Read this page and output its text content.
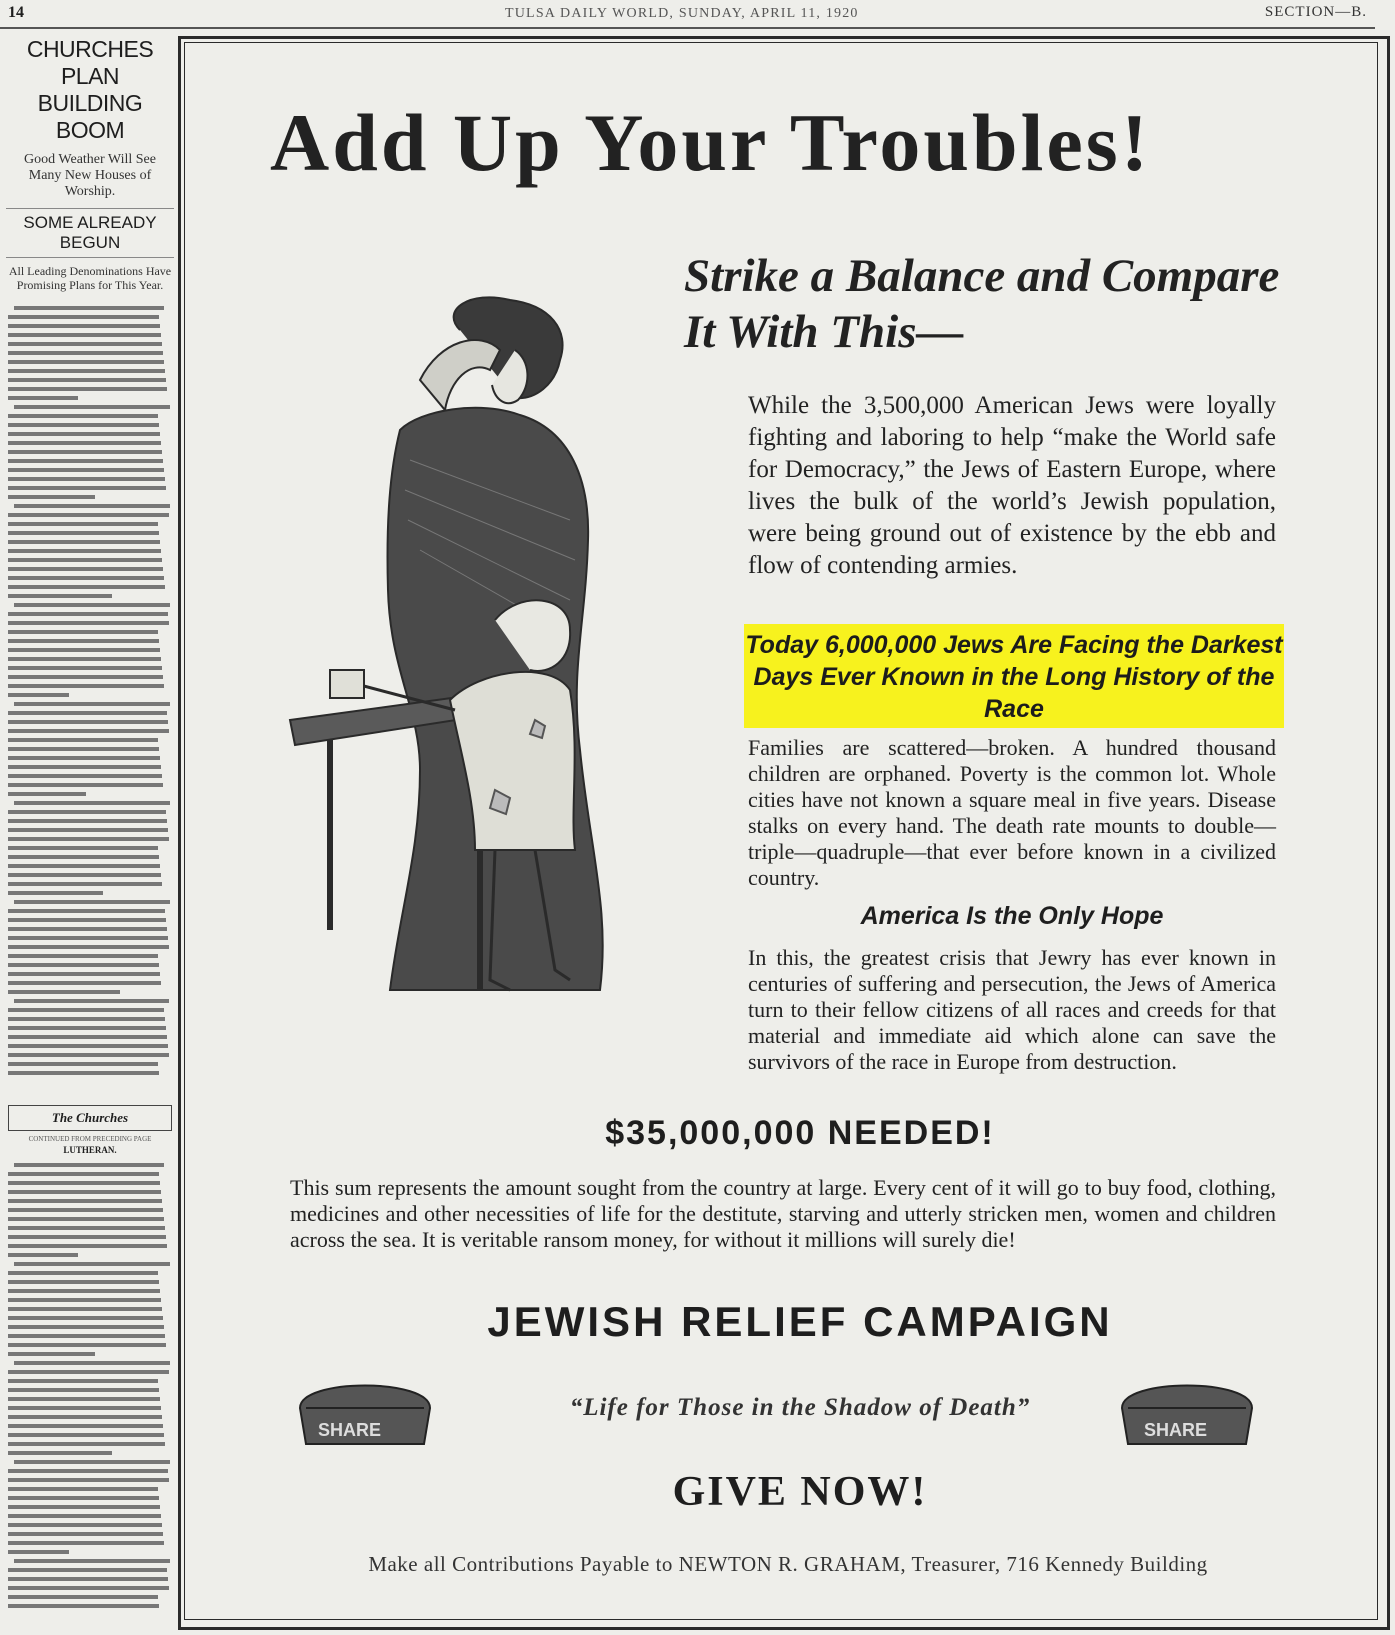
14	TULSA DAILY WORLD, SUNDAY, APRIL 11, 1920	SECTION—B.
CHURCHES PLAN BUILDING BOOM
Good Weather Will See Many New Houses of Worship.
SOME ALREADY BEGUN
All Leading Denominations Have Promising Plans for This Year.
The Churches
CONTINUED FROM PRECEDING PAGE
LUTHERAN.
Add Up Your Troubles!
Strike a Balance and Compare It With This—
While the 3,500,000 American Jews were loyally fighting and laboring to help “make the World safe for Democracy,” the Jews of Eastern Europe, where lives the bulk of the world’s Jewish population, were being ground out of existence by the ebb and flow of contending armies.
Today 6,000,000 Jews Are Facing the Darkest Days Ever Known in the Long History of the Race
Families are scattered—broken. A hundred thousand children are orphaned. Poverty is the common lot. Whole cities have not known a square meal in five years. Disease stalks on every hand. The death rate mounts to double—triple—quadruple—that ever before known in a civilized country.
America Is the Only Hope
In this, the greatest crisis that Jewry has ever known in centuries of suffering and persecution, the Jews of America turn to their fellow citizens of all races and creeds for that material and immediate aid which alone can save the survivors of the race in Europe from destruction.
$35,000,000 NEEDED!
This sum represents the amount sought from the country at large. Every cent of it will go to buy food, clothing, medicines and other necessities of life for the destitute, starving and utterly stricken men, women and children across the sea. It is veritable ransom money, for without it millions will surely die!
JEWISH RELIEF CAMPAIGN
SHARE	SHARE
“Life for Those in the Shadow of Death”
GIVE NOW!
Make all Contributions Payable to NEWTON R. GRAHAM, Treasurer, 716 Kennedy Building
